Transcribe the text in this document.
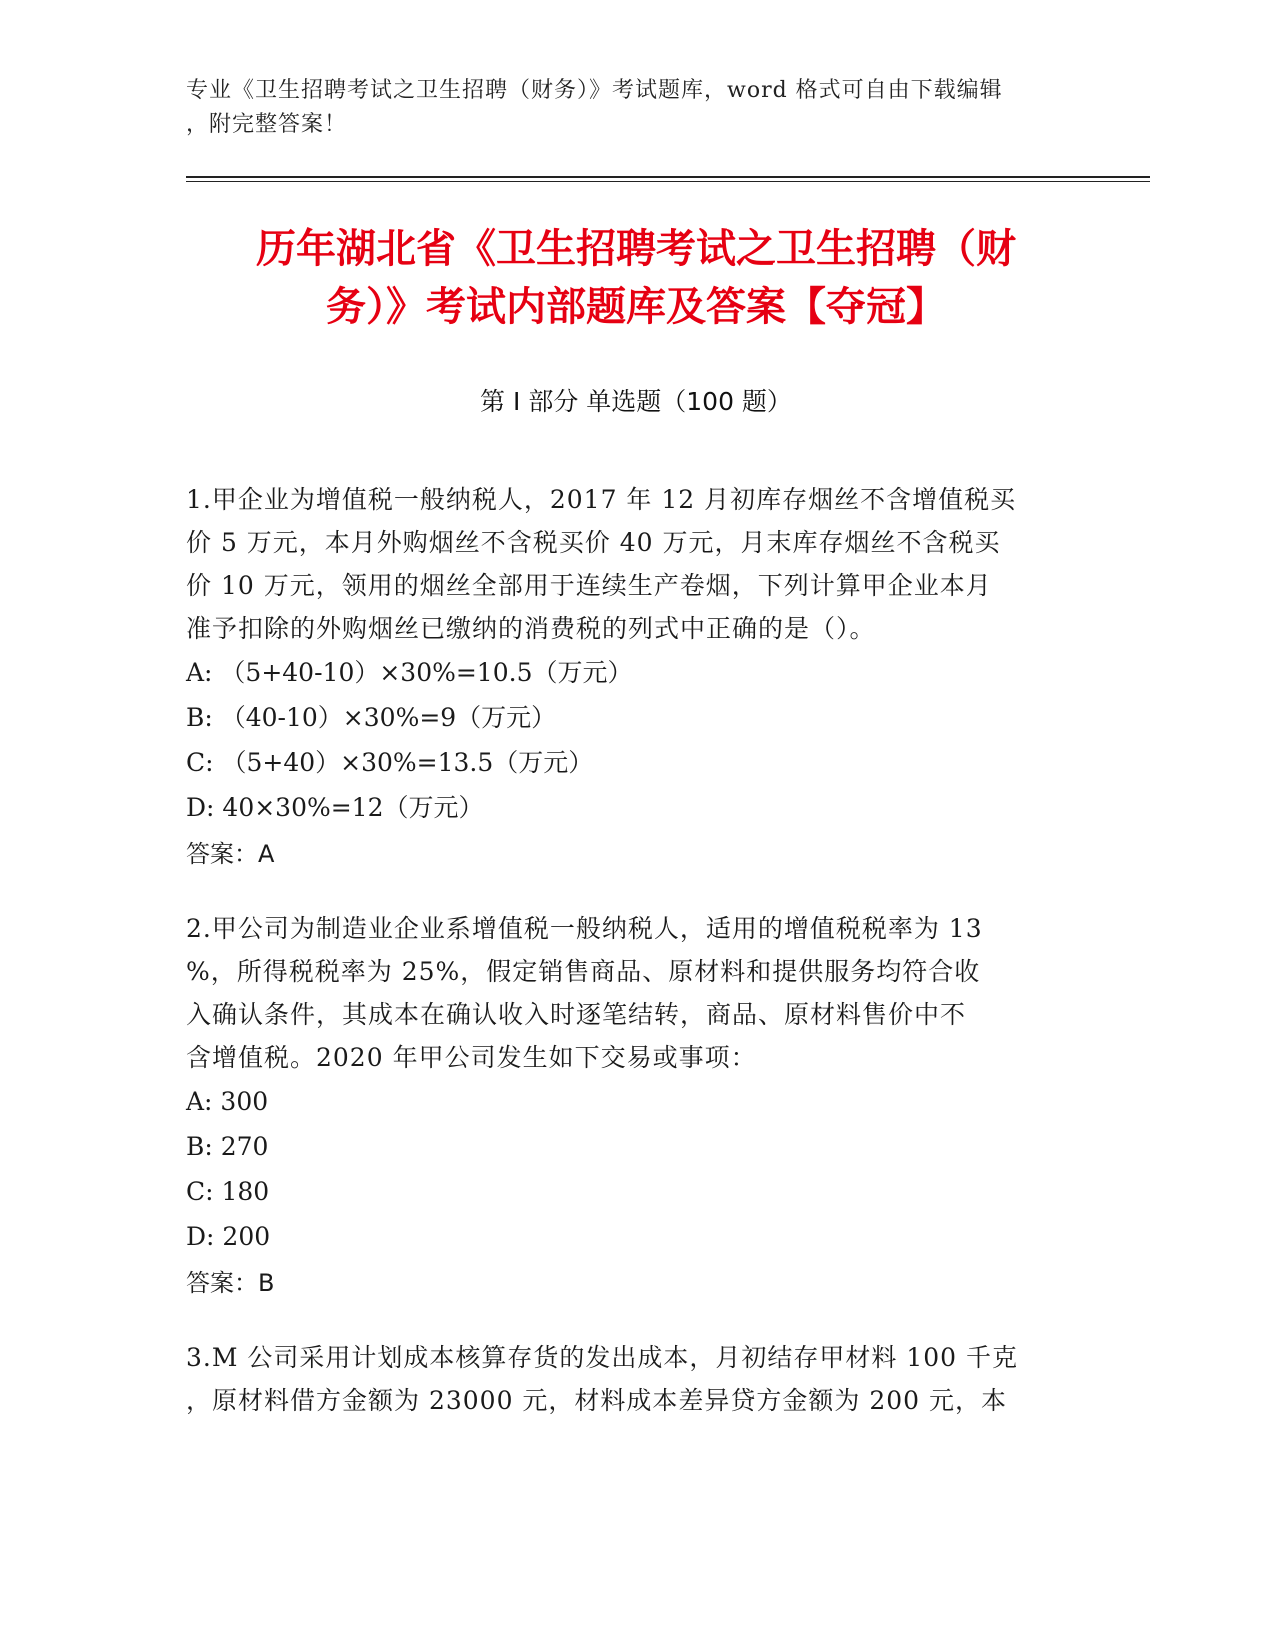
专业《卫生招聘考试之卫生招聘（财务）》考试题库，word 格式可自由下载编辑
，附完整答案！
历年湖北省《卫生招聘考试之卫生招聘（财
务）》考试内部题库及答案【夺冠】
第 I 部分 单选题（100 题）
1.甲企业为增值税一般纳税人，2017 年 12 月初库存烟丝不含增值税买
价 5 万元，本月外购烟丝不含税买价 40 万元，月末库存烟丝不含税买
价 10 万元，领用的烟丝全部用于连续生产卷烟，下列计算甲企业本月
准予扣除的外购烟丝已缴纳的消费税的列式中正确的是（）。
A: （5+40-10）×30%=10.5（万元）
B: （40-10）×30%=9（万元）
C: （5+40）×30%=13.5（万元）
D: 40×30%=12（万元）
答案：A
2.甲公司为制造业企业系增值税一般纳税人，适用的增值税税率为 13
%，所得税税率为 25%，假定销售商品、原材料和提供服务均符合收
入确认条件，其成本在确认收入时逐笔结转，商品、原材料售价中不
含增值税。2020 年甲公司发生如下交易或事项：
A: 300
B: 270
C: 180
D: 200
答案：B
3.M 公司采用计划成本核算存货的发出成本，月初结存甲材料 100 千克
，原材料借方金额为 23000 元，材料成本差异贷方金额为 200 元，本
